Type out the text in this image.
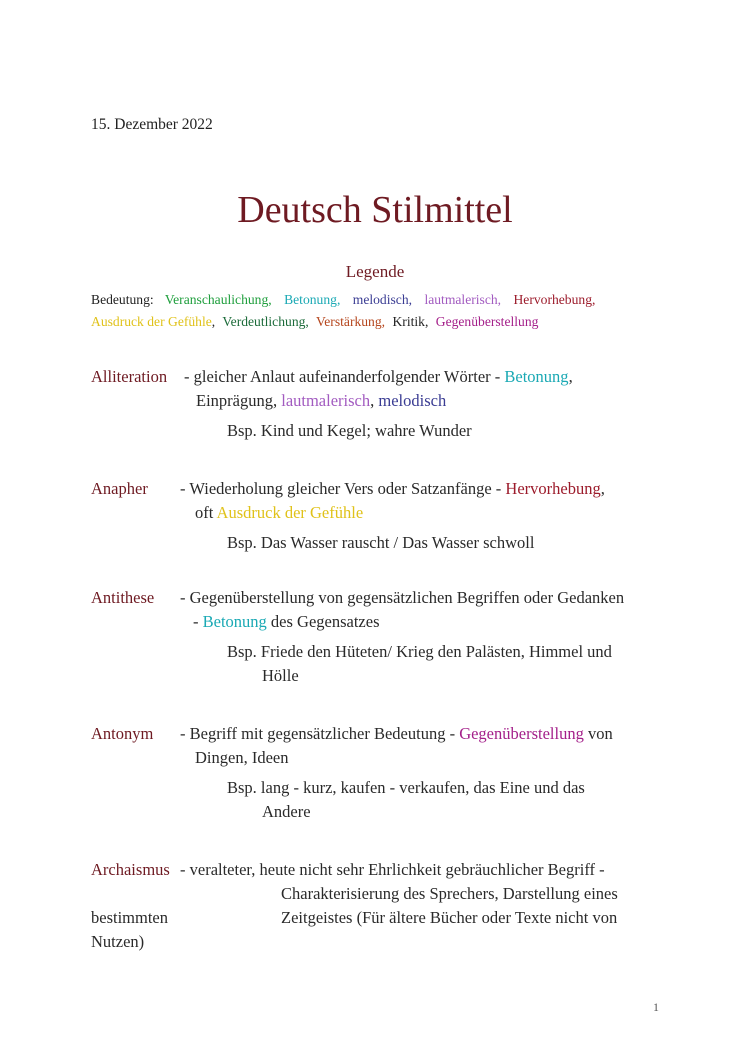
15. Dezember 2022
Deutsch Stilmittel
Legende
Bedeutung: Veranschaulichung, Betonung, melodisch, lautmalerisch, Hervorhebung,
Ausdruck der Gefühle, Verdeutlichung, Verstärkung, Kritik, Gegenüberstellung
Alliteration - gleicher Anlaut aufeinanderfolgender Wörter - Betonung,
Einprägung, lautmalerisch, melodisch
Bsp. Kind und Kegel; wahre Wunder
Anapher - Wiederholung gleicher Vers oder Satzanfänge - Hervorhebung,
oft Ausdruck der Gefühle
Bsp. Das Wasser rauscht / Das Wasser schwoll
Antithese - Gegenüberstellung von gegensätzlichen Begriffen oder Gedanken
- Betonung des Gegensatzes
Bsp. Friede den Hüteten/ Krieg den Palästen, Himmel und
Hölle
Antonym - Begriff mit gegensätzlicher Bedeutung - Gegenüberstellung von
Dingen, Ideen
Bsp. lang - kurz, kaufen - verkaufen, das Eine und das
Andere
Archaismus - veralteter, heute nicht sehr Ehrlichkeit gebräuchlicher Begriff -
Charakterisierung des Sprechers, Darstellung eines
bestimmten	Zeitgeistes (Für ältere Bücher oder Texte nicht von
Nutzen)
1
